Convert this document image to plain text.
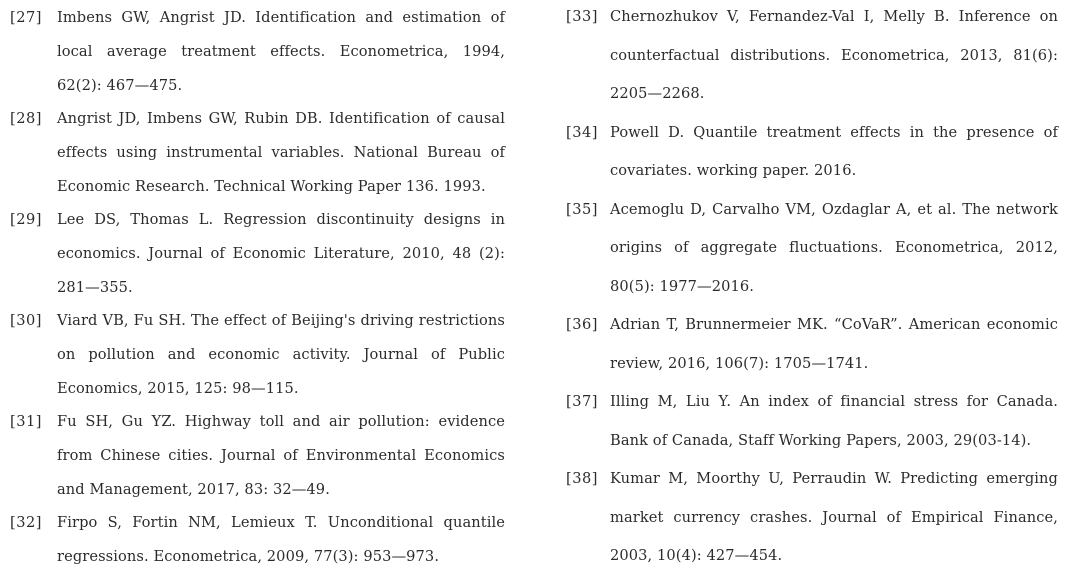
[27] Imbens GW, Angrist JD. Identification and estimation of local average treatment effects. Econometrica, 1994, 62(2): 467—475.
[28] Angrist JD, Imbens GW, Rubin DB. Identification of causal effects using instrumental variables. National Bureau of Economic Research. Technical Working Paper 136. 1993.
[29] Lee DS, Thomas L. Regression discontinuity designs in economics. Journal of Economic Literature, 2010, 48 (2): 281—355.
[30] Viard VB, Fu SH. The effect of Beijing's driving restrictions on pollution and economic activity. Journal of Public Economics, 2015, 125: 98—115.
[31] Fu SH, Gu YZ. Highway toll and air pollution: evidence from Chinese cities. Journal of Environmental Economics and Management, 2017, 83: 32—49.
[32] Firpo S, Fortin NM, Lemieux T. Unconditional quantile regressions. Econometrica, 2009, 77(3): 953—973.
[33] Chernozhukov V, Fernandez-Val I, Melly B. Inference on counterfactual distributions. Econometrica, 2013, 81(6): 2205—2268.
[34] Powell D. Quantile treatment effects in the presence of covariates. working paper. 2016.
[35] Acemoglu D, Carvalho VM, Ozdaglar A, et al. The network origins of aggregate fluctuations. Econometrica, 2012, 80(5): 1977—2016.
[36] Adrian T, Brunnermeier MK. “CoVaR”. American economic review, 2016, 106(7): 1705—1741.
[37] Illing M, Liu Y. An index of financial stress for Canada. Bank of Canada, Staff Working Papers, 2003, 29(03-14).
[38] Kumar M, Moorthy U, Perraudin W. Predicting emerging market currency crashes. Journal of Empirical Finance, 2003, 10(4): 427—454.
